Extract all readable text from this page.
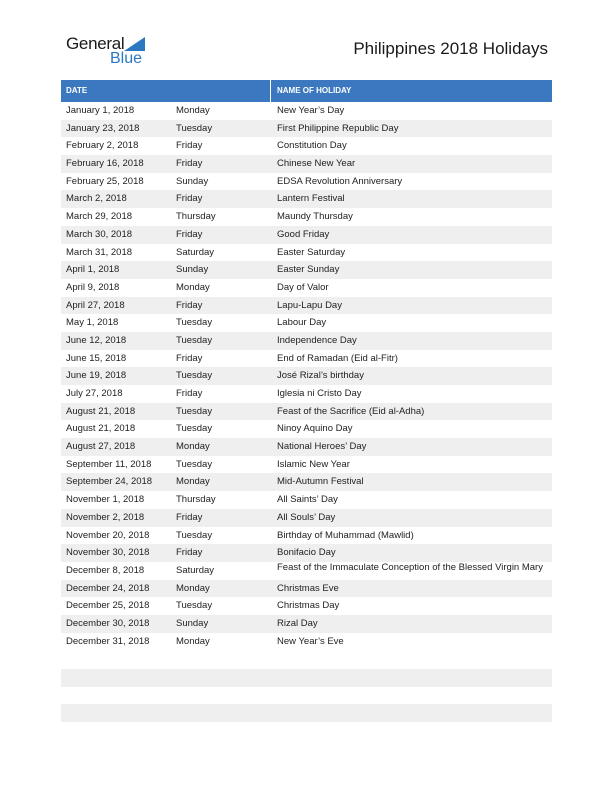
General
Blue
Philippines 2018 Holidays
DATE	NAME OF HOLIDAY
January 1, 2018	Monday	New Year’s Day
January 23, 2018	Tuesday	First Philippine Republic Day
February 2, 2018	Friday	Constitution Day
February 16, 2018	Friday	Chinese New Year
February 25, 2018	Sunday	EDSA Revolution Anniversary
March 2, 2018	Friday	Lantern Festival
March 29, 2018	Thursday	Maundy Thursday
March 30, 2018	Friday	Good Friday
March 31, 2018	Saturday	Easter Saturday
April 1, 2018	Sunday	Easter Sunday
April 9, 2018	Monday	Day of Valor
April 27, 2018	Friday	Lapu-Lapu Day
May 1, 2018	Tuesday	Labour Day
June 12, 2018	Tuesday	Independence Day
June 15, 2018	Friday	End of Ramadan (Eid al-Fitr)
June 19, 2018	Tuesday	José Rizal’s birthday
July 27, 2018	Friday	Iglesia ni Cristo Day
August 21, 2018	Tuesday	Feast of the Sacrifice (Eid al-Adha)
August 21, 2018	Tuesday	Ninoy Aquino Day
August 27, 2018	Monday	National Heroes’ Day
September 11, 2018	Tuesday	Islamic New Year
September 24, 2018	Monday	Mid-Autumn Festival
November 1, 2018	Thursday	All Saints’ Day
November 2, 2018	Friday	All Souls’ Day
November 20, 2018	Tuesday	Birthday of Muhammad (Mawlid)
November 30, 2018	Friday	Bonifacio Day
December 8, 2018	Saturday	Feast of the Immaculate Conception of the Blessed Virgin Mary
December 24, 2018	Monday	Christmas Eve
December 25, 2018	Tuesday	Christmas Day
December 30, 2018	Sunday	Rizal Day
December 31, 2018	Monday	New Year’s Eve
